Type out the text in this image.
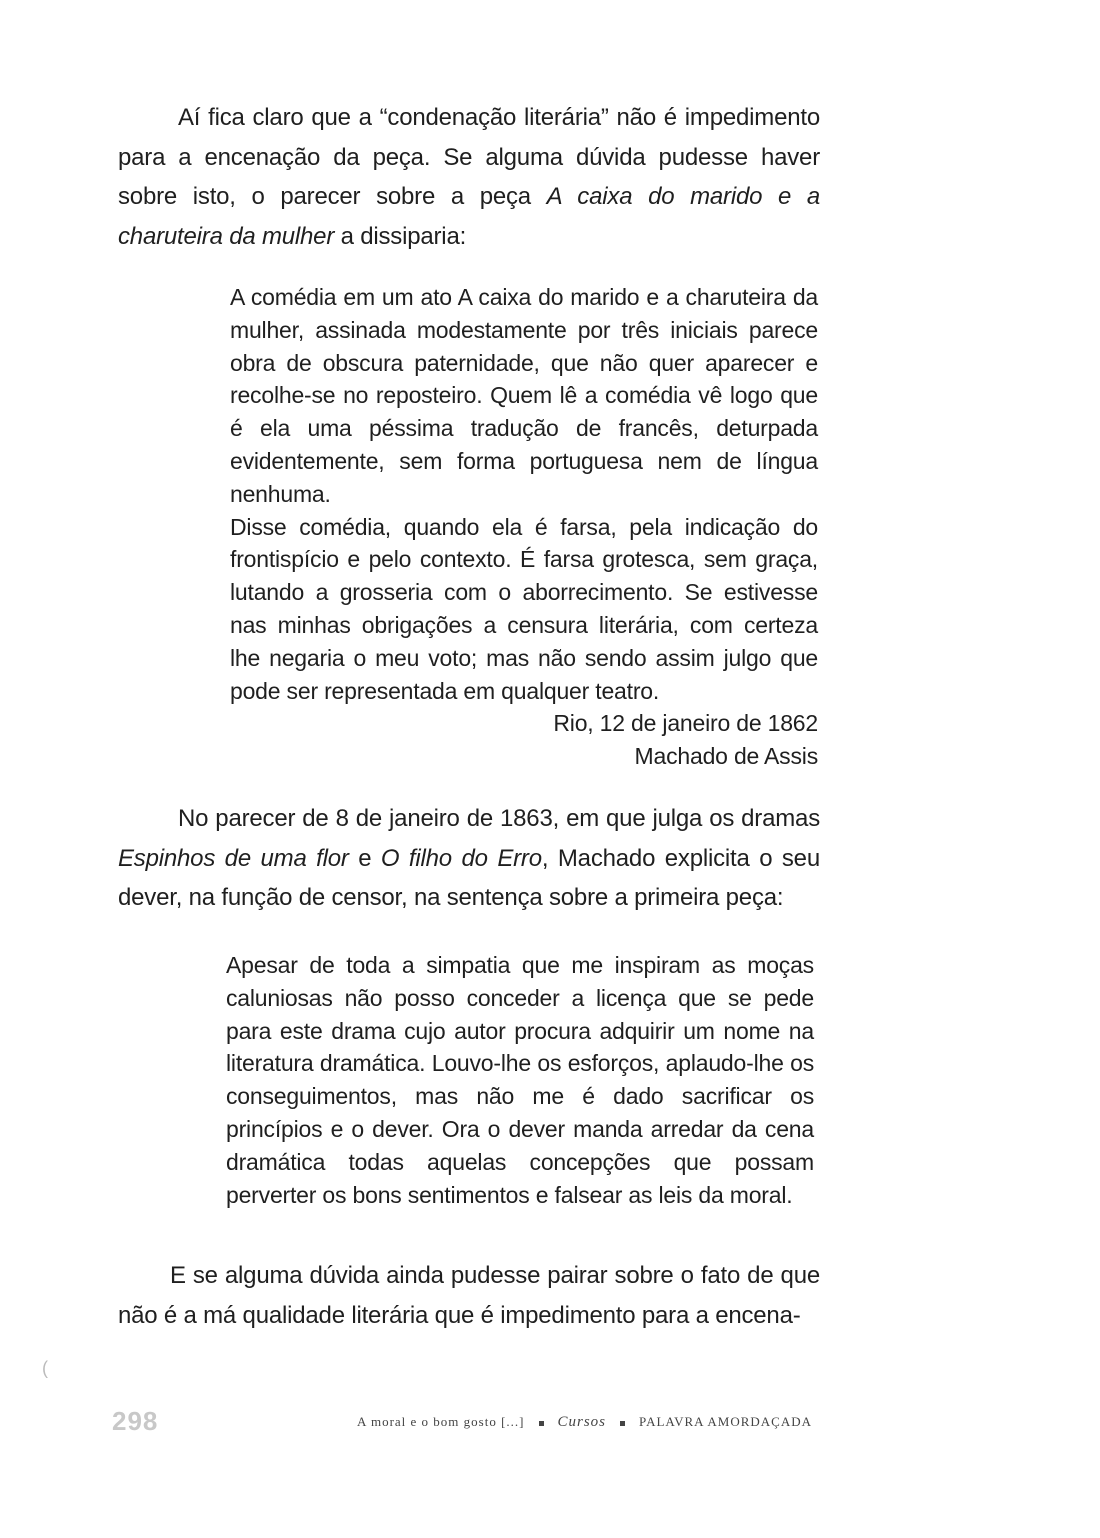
Aí fica claro que a “condenação literária” não é impedimento para a encenação da peça. Se alguma dúvida pudesse haver sobre isto, o parecer sobre a peça A caixa do marido e a charuteira da mulher a dissiparia:

A comédia em um ato A caixa do marido e a charuteira da mulher, assinada modestamente por três iniciais parece obra de obscura paternidade, que não quer aparecer e recolhe-se no reposteiro. Quem lê a comédia vê logo que é ela uma péssima tradução de francês, deturpada evidentemente, sem forma portuguesa nem de língua nenhuma.

Disse comédia, quando ela é farsa, pela indicação do frontispício e pelo contexto. É farsa grotesca, sem graça, lutando a grosseria com o aborrecimento. Se estivesse nas minhas obrigações a censura literária, com certeza lhe negaria o meu voto; mas não sendo assim julgo que pode ser representada em qualquer teatro.

Rio, 12 de janeiro de 1862

Machado de Assis

No parecer de 8 de janeiro de 1863, em que julga os dramas Espinhos de uma flor e O filho do Erro, Machado explicita o seu dever, na função de censor, na sentença sobre a primeira peça:

Apesar de toda a simpatia que me inspiram as moças caluniosas não posso conceder a licença que se pede para este drama cujo autor procura adquirir um nome na literatura dramática. Louvo-lhe os esforços, aplaudo-lhe os conseguimentos, mas não me é dado sacrificar os princípios e o dever. Ora o dever manda arredar da cena dramática todas aquelas concepções que possam perverter os bons sentimentos e falsear as leis da moral.

E se alguma dúvida ainda pudesse pairar sobre o fato de que não é a má qualidade literária que é impedimento para a encena-
(
298	A moral e o bom gosto [...] Cursos	PALAVRA AMORDAÇADA
